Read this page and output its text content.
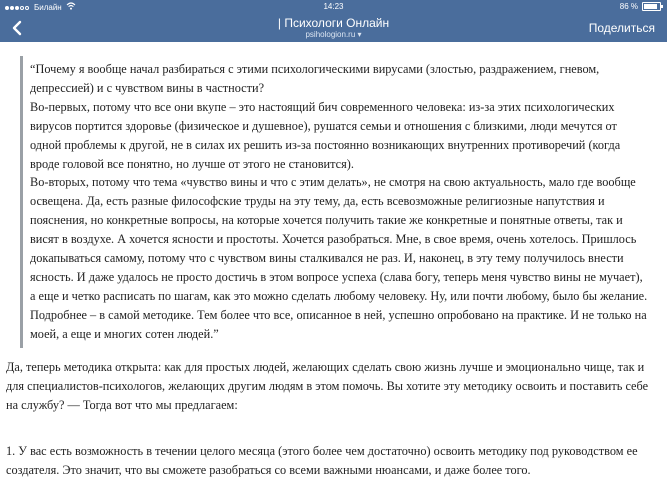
Билайн	14:23	86 %
| Психологи Онлайн
psihologion.ru ▾	Поделиться

“Почему я вообще начал разбираться с этими психологическими вирусами (злостью, раздражением, гневом, депрессией) и с чувством вины в частности?

Во-первых, потому что все они вкупе – это настоящий бич современного человека: из-за этих психологических вирусов портится здоровье (физическое и душевное), рушатся семьи и отношения с близкими, люди мечутся от одной проблемы к другой, не в силах их решить из-за постоянно возникающих внутренних противоречий (когда вроде головой все понятно, но лучше от этого не становится).

Во-вторых, потому что тема «чувство вины и что с этим делать», не смотря на свою актуальность, мало где вообще освещена. Да, есть разные философские труды на эту тему, да, есть всевозможные религиозные напутствия и пояснения, но конкретные вопросы, на которые хочется получить такие же конкретные и понятные ответы, так и висят в воздухе. А хочется ясности и простоты. Хочется разобраться. Мне, в свое время, очень хотелось. Пришлось докапываться самому, потому что с чувством вины сталкивался не раз. И, наконец, в эту тему получилось внести ясность. И даже удалось не просто достичь в этом вопросе успеха (слава богу, теперь меня чувство вины не мучает), а еще и четко расписать по шагам, как это можно сделать любому человеку. Ну, или почти любому, было бы желание. Подробнее – в самой методике. Тем более что все, описанное в ней, успешно опробовано на практике. И не только на моей, а еще и многих сотен людей.”

Да, теперь методика открыта: как для простых людей, желающих сделать свою жизнь лучше и эмоционально чище, так и для специалистов-психологов, желающих другим людям в этом помочь. Вы хотите эту методику освоить и поставить себе на службу? — Тогда вот что мы предлагаем:

1. У вас есть возможность в течении целого месяца (этого более чем достаточно) освоить методику под руководством ее создателя. Это значит, что вы сможете разобраться со всеми важными нюансами, и даже более того.
